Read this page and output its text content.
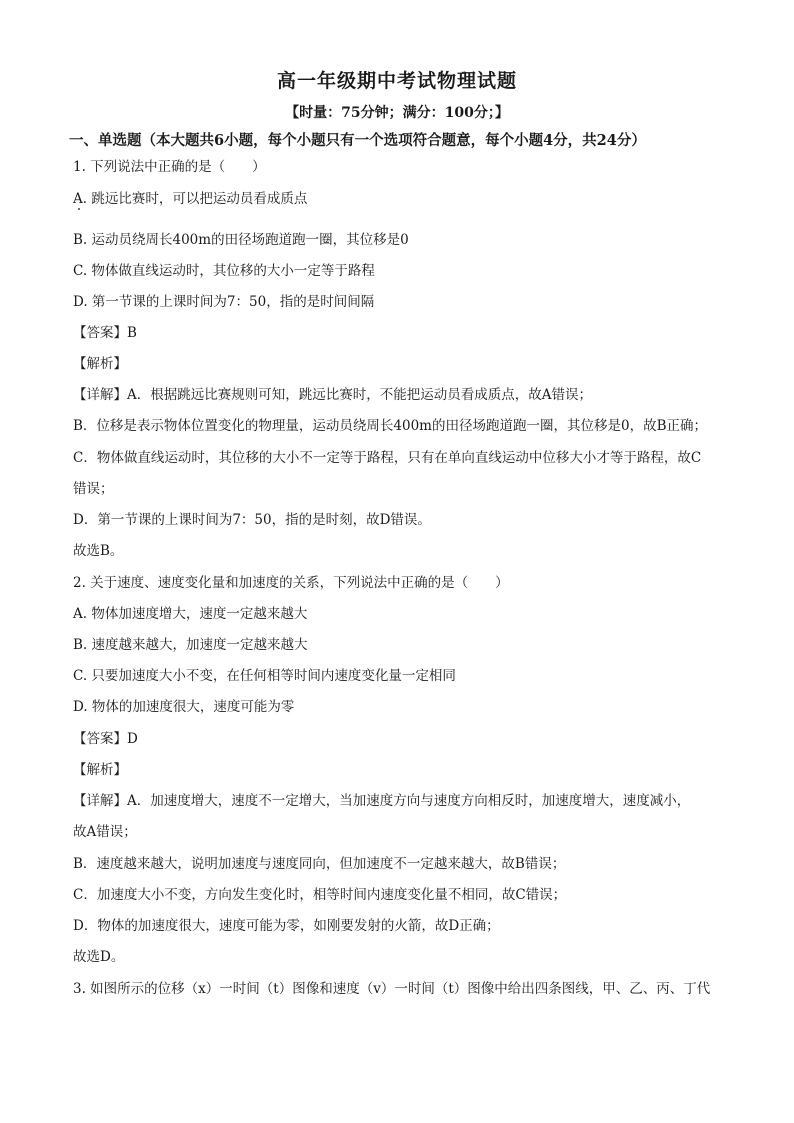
高一年级期中考试物理试题
【时量：75分钟；满分：100分；】
一、单选题（本大题共6小题，每个小题只有一个选项符合题意，每个小题4分，共24分）
1. 下列说法中正确的是（　　）
A. 跳远比赛时，可以把运动员看成质点
B. 运动员绕周长400m的田径场跑道跑一圈，其位移是0
C. 物体做直线运动时，其位移的大小一定等于路程
D. 第一节课的上课时间为7：50，指的是时间间隔
【答案】B
【解析】
【详解】A．根据跳远比赛规则可知，跳远比赛时，不能把运动员看成质点，故A错误；
B．位移是表示物体位置变化的物理量，运动员绕周长400m的田径场跑道跑一圈，其位移是0，故B正确；
C．物体做直线运动时，其位移的大小不一定等于路程，只有在单向直线运动中位移大小才等于路程，故C
错误；
D．第一节课的上课时间为7：50，指的是时刻，故D错误。
故选B。
2. 关于速度、速度变化量和加速度的关系，下列说法中正确的是（　　）
A. 物体加速度增大，速度一定越来越大
B. 速度越来越大，加速度一定越来越大
C. 只要加速度大小不变，在任何相等时间内速度变化量一定相同
D. 物体的加速度很大，速度可能为零
【答案】D
【解析】
【详解】A．加速度增大，速度不一定增大，当加速度方向与速度方向相反时，加速度增大，速度减小，
故A错误；
B．速度越来越大，说明加速度与速度同向，但加速度不一定越来越大，故B错误；
C．加速度大小不变，方向发生变化时，相等时间内速度变化量不相同，故C错误；
D．物体的加速度很大，速度可能为零，如刚要发射的火箭，故D正确；
故选D。
3. 如图所示的位移（x）一时间（t）图像和速度（v）一时间（t）图像中给出四条图线，甲、乙、丙、丁代
